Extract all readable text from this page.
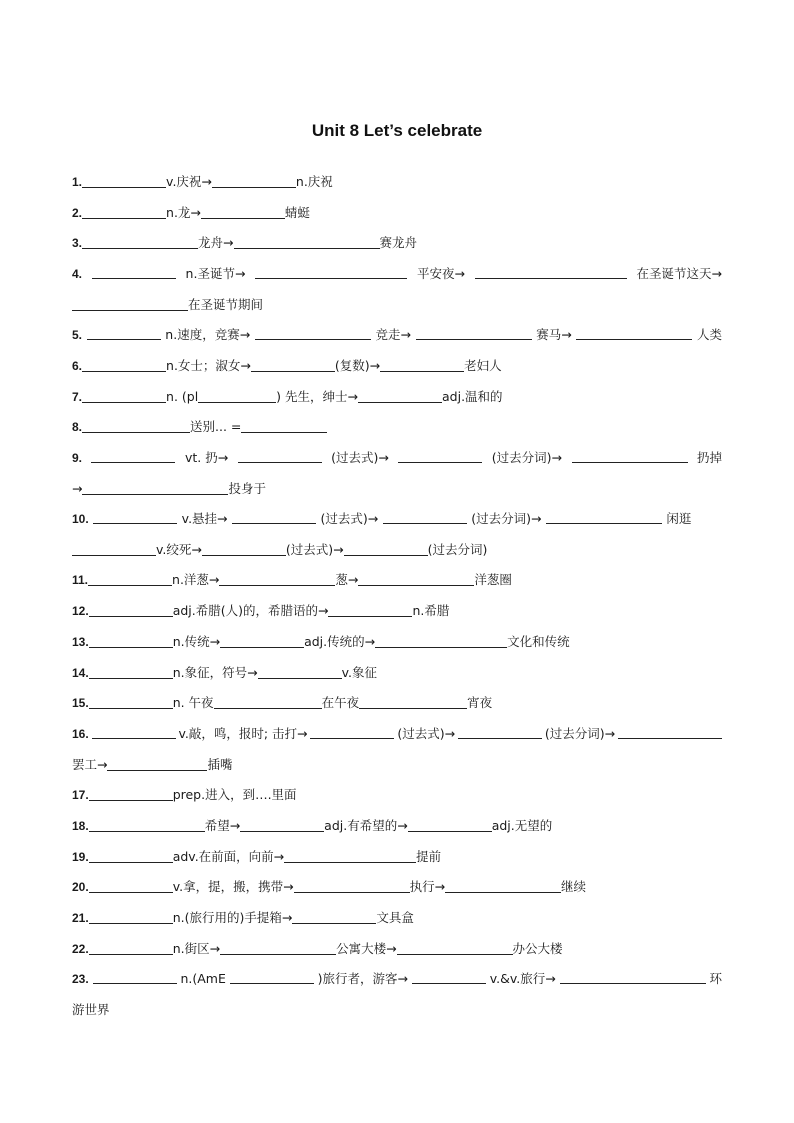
Unit 8 Let’s celebrate
1.	v.庆祝→	n.庆祝
2.	n.龙→	蜻蜓
3.	龙舟→	赛龙舟
4.	n.圣诞节→	平安夜→	在圣诞节这天→
在圣诞节期间
5.	n.速度，竞赛→	竞走→	赛马→	人类
6.	n.女士；淑女→	(复数)→	老妇人
7.	n. (pl	) 先生，绅士→	adj.温和的
8.	送别... =
9.	vt. 扔→	(过去式)→	(过去分词)→	扔掉
→	投身于
10.	v.悬挂→	(过去式)→	(过去分词)→	闲逛
v.绞死→	(过去式)→	(过去分词)
11.	n.洋葱→	葱→	洋葱圈
12.	adj.希腊(人)的，希腊语的→	n.希腊
13.	n.传统→	adj.传统的→	文化和传统
14.	n.象征，符号→	v.象征
15.	n. 午夜	在午夜	宵夜
16.	v.敲，鸣，报时; 击打→	(过去式)→	(过去分词)→
罢工→	插嘴
17.	prep.进入，到….里面
18.	希望→	adj.有希望的→	adj.无望的
19.	adv.在前面，向前→	提前
20.	v.拿，提，搬，携带→	执行→	继续
21.	n.(旅行用的)手提箱→	文具盒
22.	n.街区→	公寓大楼→	办公大楼
23.	n.(AmE	)旅行者，游客→	v.&v.旅行→	环
游世界
